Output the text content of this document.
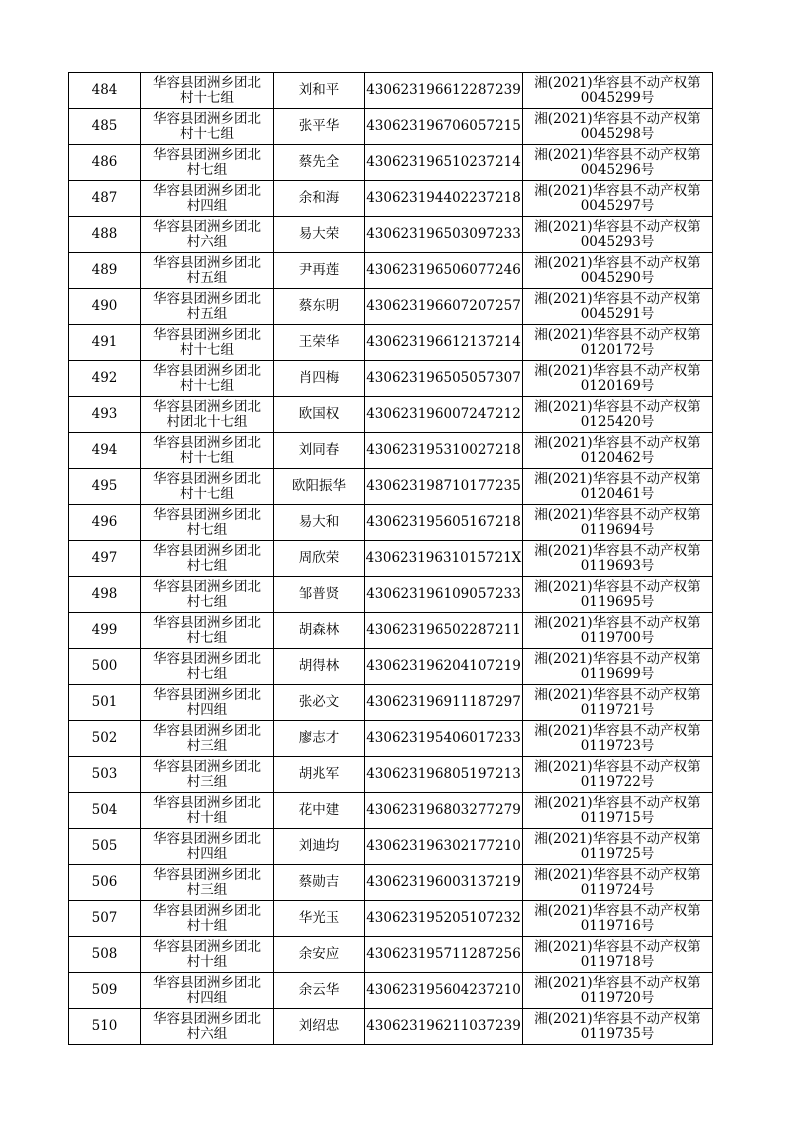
484	华容县团洲乡团北
村十七组	刘和平	430623196612287239	湘(2021)华容县不动产权第
0045299号

485	华容县团洲乡团北
村十七组	张平华	430623196706057215	湘(2021)华容县不动产权第
0045298号

486	华容县团洲乡团北
村七组	蔡先全	430623196510237214	湘(2021)华容县不动产权第
0045296号

487	华容县团洲乡团北
村四组	余和海	430623194402237218	湘(2021)华容县不动产权第
0045297号

488	华容县团洲乡团北
村六组	易大荣	430623196503097233	湘(2021)华容县不动产权第
0045293号

489	华容县团洲乡团北
村五组	尹再莲	430623196506077246	湘(2021)华容县不动产权第
0045290号

490	华容县团洲乡团北
村五组	蔡东明	430623196607207257	湘(2021)华容县不动产权第
0045291号

491	华容县团洲乡团北
村十七组	王荣华	430623196612137214	湘(2021)华容县不动产权第
0120172号

492	华容县团洲乡团北
村十七组	肖四梅	430623196505057307	湘(2021)华容县不动产权第
0120169号

493	华容县团洲乡团北
村团北十七组	欧国权	430623196007247212	湘(2021)华容县不动产权第
0125420号

494	华容县团洲乡团北
村十七组	刘同春	430623195310027218	湘(2021)华容县不动产权第
0120462号

495	华容县团洲乡团北
村十七组	欧阳振华	430623198710177235	湘(2021)华容县不动产权第
0120461号

496	华容县团洲乡团北
村七组	易大和	430623195605167218	湘(2021)华容县不动产权第
0119694号

497	华容县团洲乡团北
村七组	周欣荣	43062319631015721X	湘(2021)华容县不动产权第
0119693号

498	华容县团洲乡团北
村七组	邹普贤	430623196109057233	湘(2021)华容县不动产权第
0119695号

499	华容县团洲乡团北
村七组	胡森林	430623196502287211	湘(2021)华容县不动产权第
0119700号

500	华容县团洲乡团北
村七组	胡得林	430623196204107219	湘(2021)华容县不动产权第
0119699号

501	华容县团洲乡团北
村四组	张必文	430623196911187297	湘(2021)华容县不动产权第
0119721号

502	华容县团洲乡团北
村三组	廖志才	430623195406017233	湘(2021)华容县不动产权第
0119723号

503	华容县团洲乡团北
村三组	胡兆军	430623196805197213	湘(2021)华容县不动产权第
0119722号

504	华容县团洲乡团北
村十组	花中建	430623196803277279	湘(2021)华容县不动产权第
0119715号

505	华容县团洲乡团北
村四组	刘迪均	430623196302177210	湘(2021)华容县不动产权第
0119725号

506	华容县团洲乡团北
村三组	蔡勋吉	430623196003137219	湘(2021)华容县不动产权第
0119724号

507	华容县团洲乡团北
村十组	华光玉	430623195205107232	湘(2021)华容县不动产权第
0119716号

508	华容县团洲乡团北
村十组	余安应	430623195711287256	湘(2021)华容县不动产权第
0119718号

509	华容县团洲乡团北
村四组	余云华	430623195604237210	湘(2021)华容县不动产权第
0119720号

510	华容县团洲乡团北
村六组	刘绍忠	430623196211037239	湘(2021)华容县不动产权第
0119735号
